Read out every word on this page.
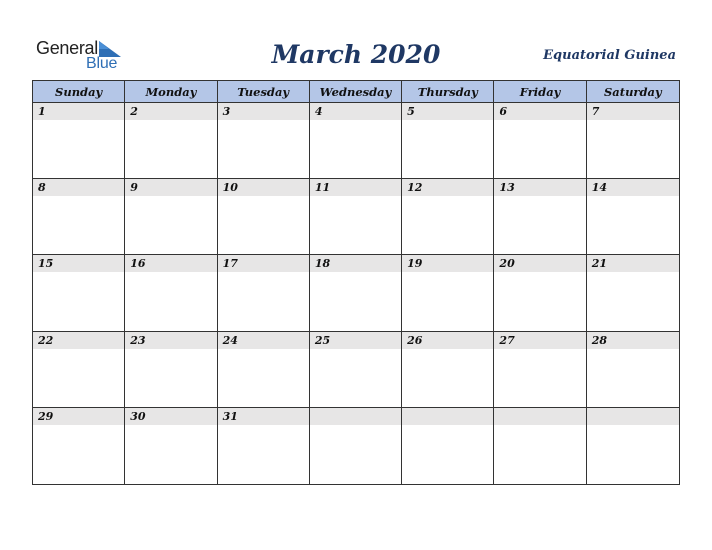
General
Blue	March 2020	Equatorial Guinea
Sunday	Monday	Tuesday	Wednesday	Thursday	Friday	Saturday
1	2	3	4	5	6	7
8	9	10	11	12	13	14
15	16	17	18	19	20	21
22	23	24	25	26	27	28
29	30	31
